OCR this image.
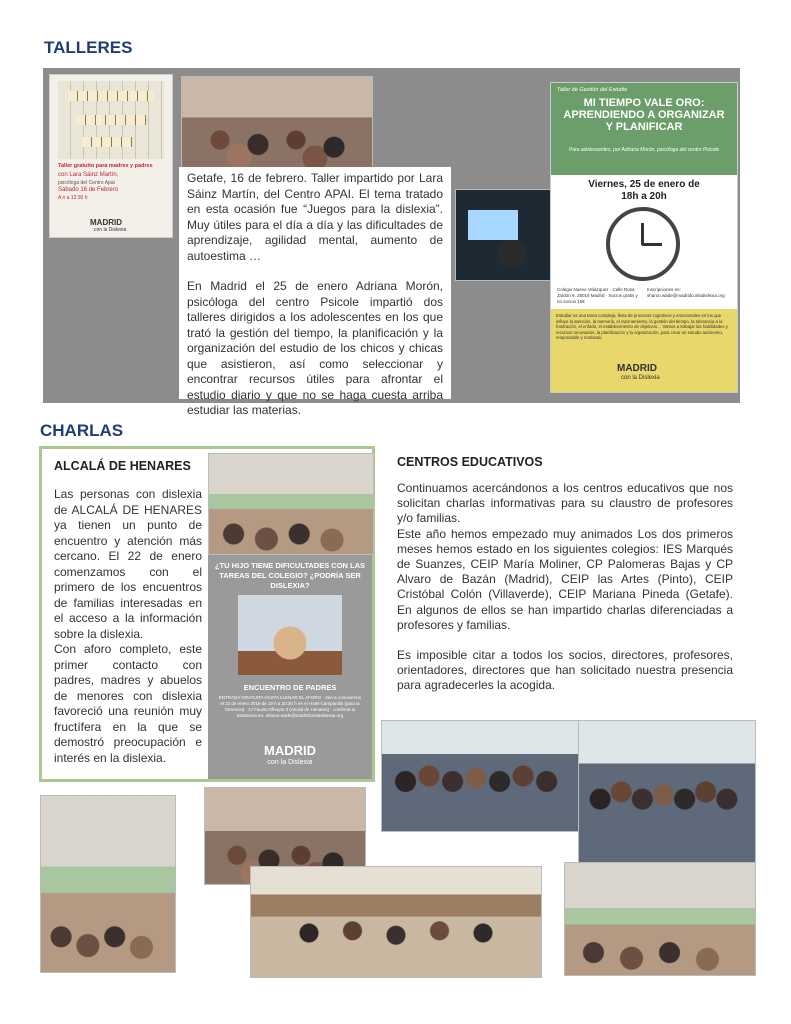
TALLERES
Taller gratuito para madres y padres
con Lara Sáinz Martín,
psicóloga del Centro Apai
Sábado 16 de Febrero
A n a 12:30 h
MADRID
con la Dislexia
Getafe, 16 de febrero. Taller impartido por Lara Sáinz Martín, del Centro APAI. El tema tratado en esta ocasión fue “Juegos para la dislexia”. Muy útiles para el día a día y las dificultades de aprendizaje, agilidad mental, aumento de autoestima …
En Madrid el 25 de enero Adriana Morón, psicóloga del centro Psicole impartió dos talleres dirigidos a los adolescentes en los que trató la gestión del tiempo, la planificación y la organización del estudio de los chicos y chicas que asistieron, así como seleccionar y encontrar recursos útiles para afrontar el estudio diario y que no se haga cuesta arriba estudiar las materias.
Taller de Gestión del Estudio
MI TIEMPO VALE ORO: APRENDIENDO A ORGANIZAR Y PLANIFICAR
Para adolescentes, por Adriana Morón, psicóloga del centro Psicole
Viernes, 25 de enero de 18h a 20h
Colegio Nuevo Velázquez · Calle Rosa Jardón 9, 28016 Madrid · Socios gratis y no socios 10€
Inscripciones en: sharon.wade@madridconladislexia.org
Estudiar es una tarea compleja, llena de procesos cognitivos y emocionales en los que influye la atención, la memoria, el razonamiento, la gestión del tiempo, la tolerancia a la frustración, el enfado, el establecimiento de objetivos… Vamos a trabajar las habilidades y recursos necesarios, la planificación y la organización, para crear un estudio autónomo, responsable y motivado.
MADRID
con la Dislexia
CHARLAS
ALCALÁ DE HENARES
Las personas con dislexia de ALCALÁ DE HENARES ya tienen un punto de encuentro y atención más cercano. El 22 de enero comenzamos con el primero de los encuentros de familias interesadas en el acceso a la información sobre la dislexia.
Con aforo completo, este primer contacto con padres, madres y abuelos de menores con dislexia favoreció una reunión muy fructífera en la que se demostró preocupación e interés en la dislexia.
¿TU HIJO TIENE DIFICULTADES CON LAS TAREAS DEL COLEGIO? ¿PODRÍA SER DISLEXIA?
ENCUENTRO DE PADRES
ENTRADA GRATUITA HASTA LLENAR EL AFORO · Ven a conocernos el 22 de enero 2019 de 19 h a 20:30 h en el Hotel Campanilla (para la Gerencia) · C/ Fausto Elhuyar 3 (Alcalá de Henares) · confirma tu asistencia en: sharon.wade@madridconladislexia.org
MADRID
con la Dislexia
CENTROS EDUCATIVOS
Continuamos acercándonos a los centros educativos que nos solicitan charlas informativas para su claustro de profesores y/o familias.
Este año hemos empezado muy animados Los dos primeros meses hemos estado en los siguientes colegios: IES Marqués de Suanzes, CEIP María Moliner, CP Palomeras Bajas y CP Alvaro de Bazán (Madrid), CEIP las Artes (Pinto), CEIP Cristóbal Colón (Villaverde), CEIP Mariana Pineda (Getafe). En algunos de ellos se han impartido charlas diferenciadas a profesores y familias.
Es imposible citar a todos los socios, directores, profesores, orientadores, directores que han solicitado nuestra presencia para agradecerles la acogida.
